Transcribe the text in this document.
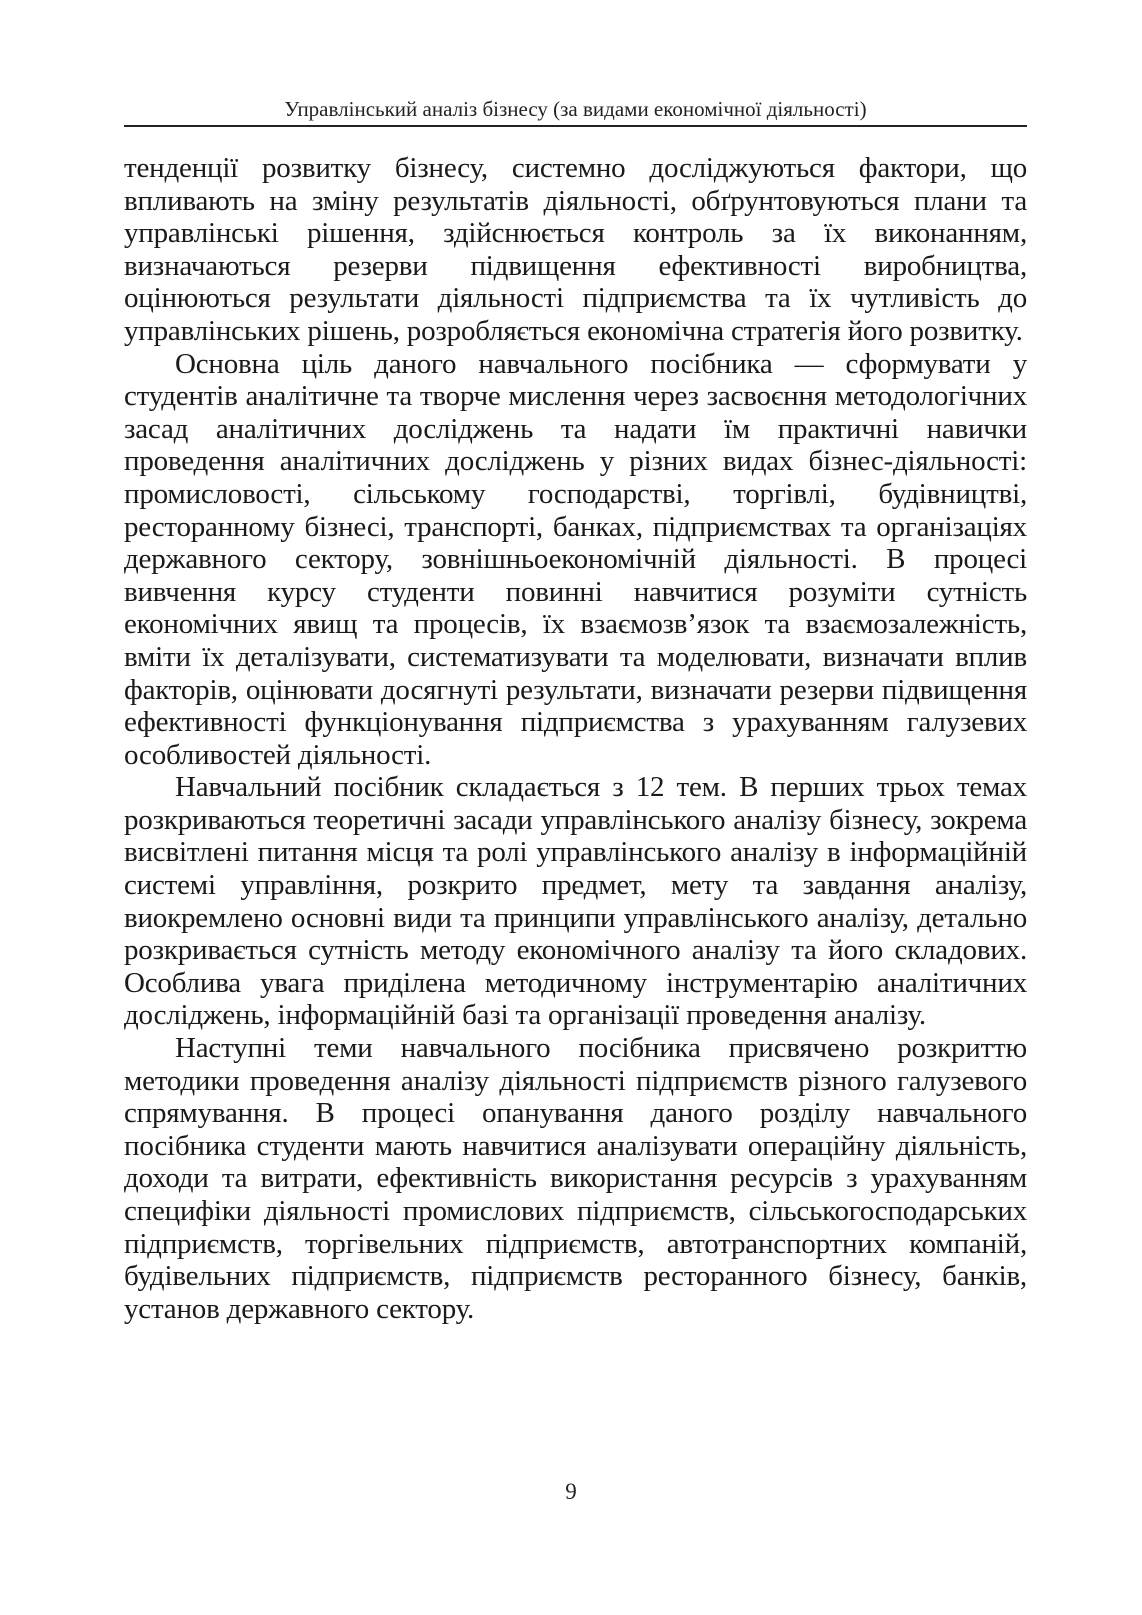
Управлінський аналіз бізнесу (за видами економічної діяльності)

тенденції розвитку бізнесу, системно досліджуються фактори, що впливають на зміну результатів діяльності, обґрунтовуються плани та управлінські рішення, здійснюється контроль за їх виконанням, визначаються резерви підвищення ефективності виробництва, оцінюються результати діяльності підприємства та їх чутливість до управлінських рішень, розробляється економічна стратегія його розвитку.

Основна ціль даного навчального посібника — сформувати у студентів аналітичне та творче мислення через засвоєння методологічних засад аналітичних досліджень та надати їм практичні навички проведення аналітичних досліджень у різних видах бізнес-діяльності: промисловості, сільському господарстві, торгівлі, будівництві, ресторанному бізнесі, транспорті, банках, підприємствах та організаціях державного сектору, зовнішньоекономічній діяльності. В процесі вивчення курсу студенти повинні навчитися розуміти сутність економічних явищ та процесів, їх взаємозв’язок та взаємозалежність, вміти їх деталізувати, систематизувати та моделювати, визначати вплив факторів, оцінювати досягнуті результати, визначати резерви підвищення ефективності функціонування підприємства з урахуванням галузевих особливостей діяльності.

Навчальний посібник складається з 12 тем. В перших трьох темах розкриваються теоретичні засади управлінського аналізу бізнесу, зокрема висвітлені питання місця та ролі управлінського аналізу в інформаційній системі управління, розкрито предмет, мету та завдання аналізу, виокремлено основні види та принципи управлінського аналізу, детально розкривається сутність методу економічного аналізу та його складових. Особлива увага приділена методичному інструментарію аналітичних досліджень, інформаційній базі та організації проведення аналізу.

Наступні теми навчального посібника присвячено розкриттю методики проведення аналізу діяльності підприємств різного галузевого спрямування. В процесі опанування даного розділу навчального посібника студенти мають навчитися аналізувати операційну діяльність, доходи та витрати, ефективність використання ресурсів з урахуванням специфіки діяльності промислових підприємств, сільськогосподарських підприємств, торгівельних підприємств, автотранспортних компаній, будівельних підприємств, підприємств ресторанного бізнесу, банків, установ державного сектору.

9
